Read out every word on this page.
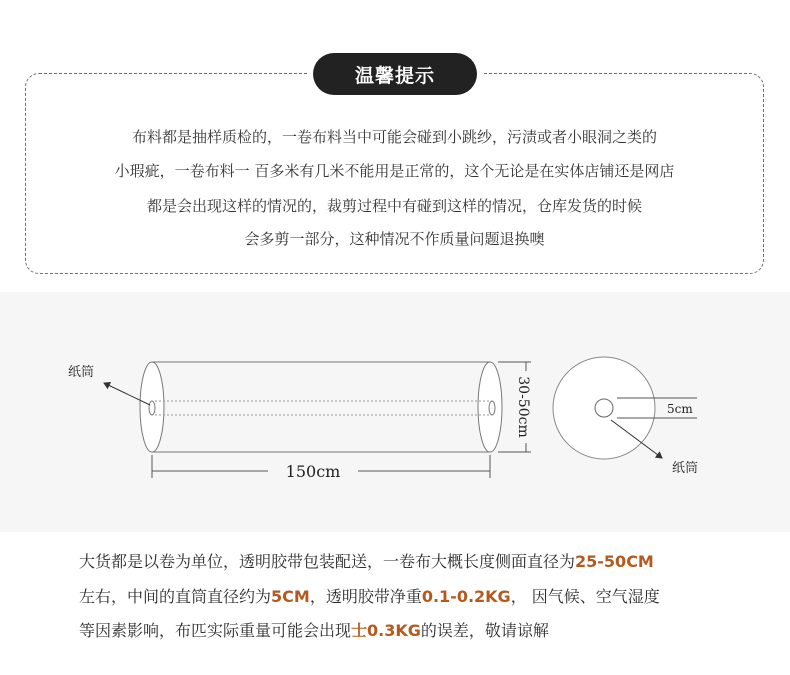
温馨提示
布料都是抽样质检的，一卷布料当中可能会碰到小跳纱，污渍或者小眼洞之类的
小瑕疵，一卷布料一 百多米有几米不能用是正常的，这个无论是在实体店铺还是网店
都是会出现这样的情况的，裁剪过程中有碰到这样的情况，仓库发货的时候
会多剪一部分，这种情况不作质量问题退换噢
纸筒
150cm
30-50cm	5cm
纸筒
大货都是以卷为单位，透明胶带包装配送，一卷布大概长度侧面直径为25-50CM
左右，中间的直筒直径约为5CM，透明胶带净重0.1-0.2KG， 因气候、空气湿度
等因素影响，布匹实际重量可能会出现士0.3KG的误差，敬请谅解
